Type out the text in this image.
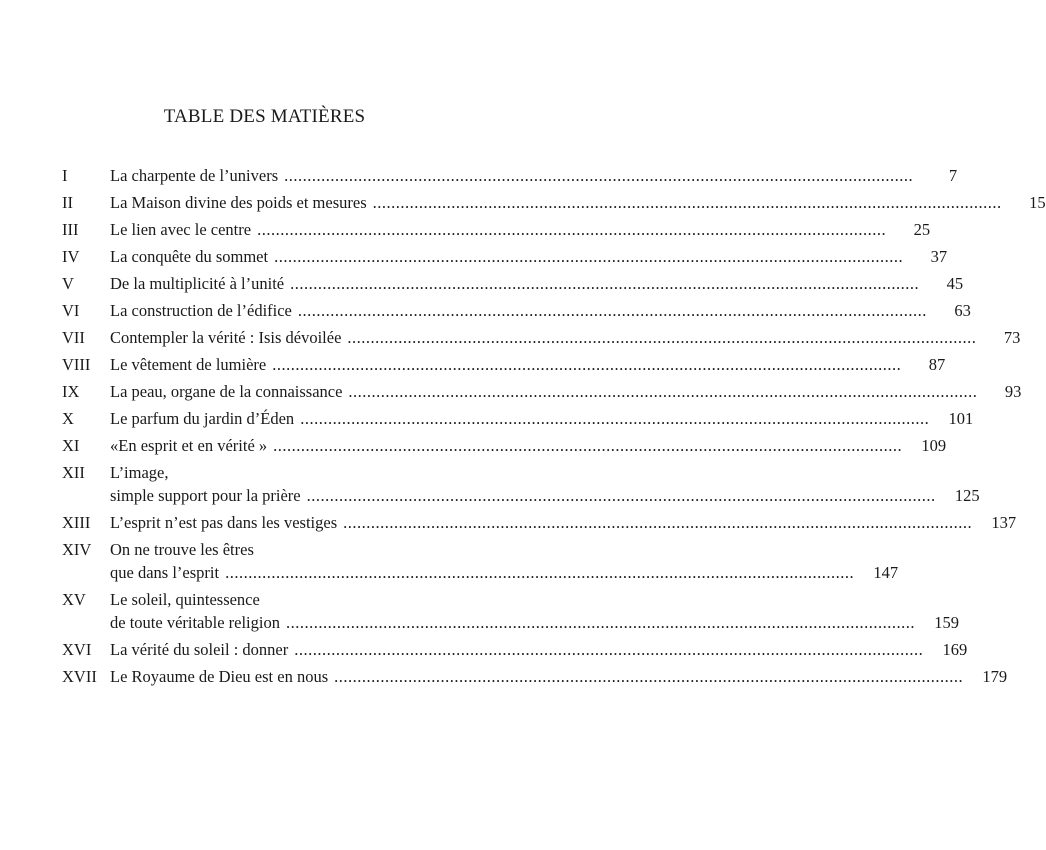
TABLE DES MATIÈRES
I	La charpente de l’univers .....	7
II	La Maison divine des poids et mesures .....	15
III	Le lien avec le centre .....	25
IV	La conquête du sommet .....	37
V	De la multiplicité à l’unité .....	45
VI	La construction de l’édifice .....	63
VII	Contempler la vérité : Isis dévoilée .....	73
VIII	Le vêtement de lumière .....	87
IX	La peau, organe de la connaissance .....	93
X	Le parfum du jardin d’Éden .....	101
XI	«En esprit et en vérité » .....	109
XII	L’image,
simple support pour la prière .....	125
XIII	L’esprit n’est pas dans les vestiges .....	137
XIV	On ne trouve les êtres
que dans l’esprit .....	147
XV	Le soleil, quintessence
de toute véritable religion .....	159
XVI	La vérité du soleil : donner .....	169
XVII Le Royaume de Dieu est en nous .....	179
